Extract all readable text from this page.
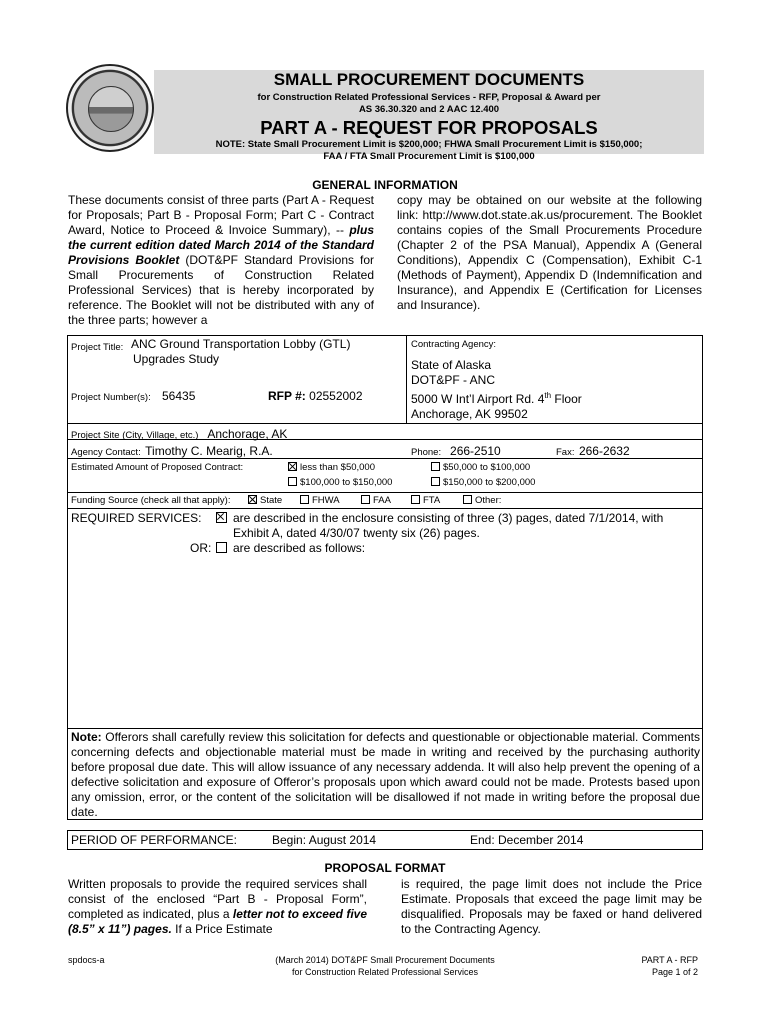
SMALL PROCUREMENT DOCUMENTS
for Construction Related Professional Services - RFP, Proposal & Award per
AS 36.30.320 and 2 AAC 12.400
PART A - REQUEST FOR PROPOSALS
NOTE: State Small Procurement Limit is $200,000; FHWA Small Procurement Limit is $150,000;
FAA / FTA Small Procurement Limit is $100,000
GENERAL INFORMATION
These documents consist of three parts (Part A - Request for Proposals; Part B - Proposal Form; Part C - Contract Award, Notice to Proceed & Invoice Summary), -- plus the current edition dated March 2014 of the Standard Provisions Booklet (DOT&PF Standard Provisions for Small Procurements of Construction Related Professional Services) that is hereby incorporated by reference. The Booklet will not be distributed with any of the three parts; however a
copy may be obtained on our website at the following link: http://www.dot.state.ak.us/procurement. The Booklet contains copies of the Small Procurements Procedure (Chapter 2 of the PSA Manual), Appendix A (General Conditions), Appendix C (Compensation), Exhibit C-1 (Methods of Payment), Appendix D (Indemnification and Insurance), and Appendix E (Certification for Licenses and Insurance).
Project Title: ANC Ground Transportation Lobby (GTL)
Upgrades Study
Project Number(s): 56435	RFP #: 02552002
Contracting Agency:
State of Alaska
DOT&PF - ANC
5000 W Int’l Airport Rd. 4th Floor
Anchorage, AK 99502
Project Site (City, Village, etc.) Anchorage, AK
Agency Contact: Timothy C. Mearig, R.A.	Phone: 266-2510	Fax: 266-2632
Estimated Amount of Proposed Contract:	less than $50,000	$50,000 to $100,000
$100,000 to $150,000	$150,000 to $200,000
Funding Source (check all that apply):	State	FHWA	FAA	FTA	Other:
REQUIRED SERVICES:	are described in the enclosure consisting of three (3) pages, dated 7/1/2014, with
Exhibit A, dated 4/30/07 twenty six (26) pages.
OR: are described as follows:
Note: Offerors shall carefully review this solicitation for defects and questionable or objectionable material. Comments concerning defects and objectionable material must be made in writing and received by the purchasing authority before proposal due date. This will allow issuance of any necessary addenda. It will also help prevent the opening of a defective solicitation and exposure of Offeror’s proposals upon which award could not be made. Protests based upon any omission, error, or the content of the solicitation will be disallowed if not made in writing before the proposal due date.
PERIOD OF PERFORMANCE:	Begin: August 2014	End: December 2014
PROPOSAL FORMAT
Written proposals to provide the required services shall consist of the enclosed “Part B - Proposal Form”, completed as indicated, plus a letter not to exceed five (8.5” x 11”) pages. If a Price Estimate
is required, the page limit does not include the Price Estimate. Proposals that exceed the page limit may be disqualified. Proposals may be faxed or hand delivered to the Contracting Agency.
spdocs-a	(March 2014) DOT&PF Small Procurement Documents
for Construction Related Professional Services
PART A - RFP
Page 1 of 2
